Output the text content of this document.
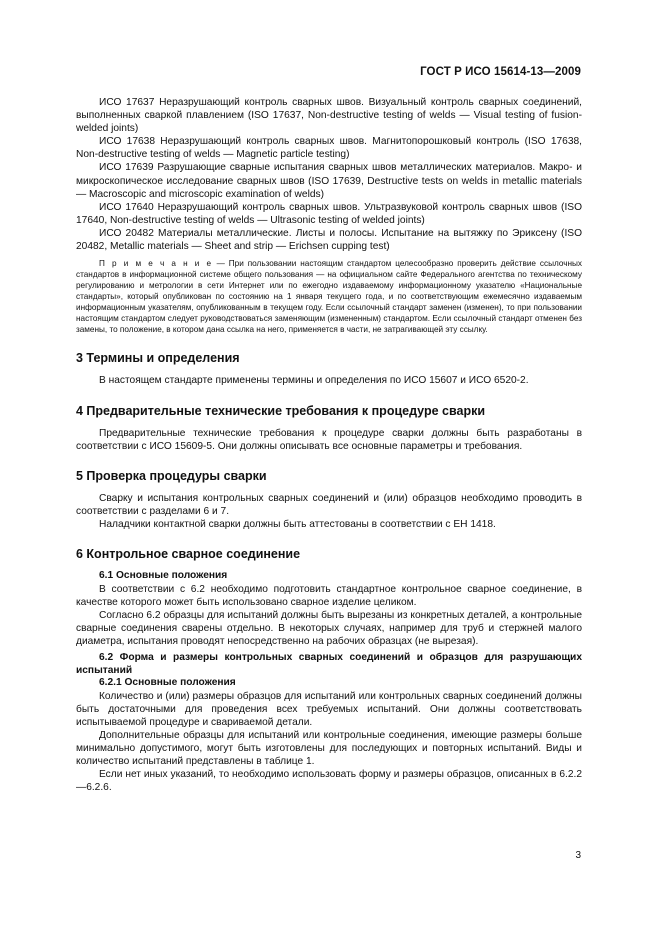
ГОСТ Р ИСО 15614-13—2009

ИСО 17637 Неразрушающий контроль сварных швов. Визуальный контроль сварных соединений, выполненных сваркой плавлением (ISO 17637, Non-destructive testing of welds — Visual testing of fusion-welded joints)

ИСО 17638 Неразрушающий контроль сварных швов. Магнитопорошковый контроль (ISO 17638, Non-destructive testing of welds — Magnetic particle testing)

ИСО 17639 Разрушающие сварные испытания сварных швов металлических материалов. Макро- и микроскопическое исследование сварных швов (ISO 17639, Destructive tests on welds in metallic materials — Macroscopic and microscopic examination of welds)

ИСО 17640 Неразрушающий контроль сварных швов. Ультразвуковой контроль сварных швов (ISO 17640, Non-destructive testing of welds — Ultrasonic testing of welded joints)

ИСО 20482 Материалы металлические. Листы и полосы. Испытание на вытяжку по Эриксену (ISO 20482, Metallic materials — Sheet and strip — Erichsen cupping test)

П р и м е ч а н и е — При пользовании настоящим стандартом целесообразно проверить действие ссылочных стандартов в информационной системе общего пользования — на официальном сайте Федерального агентства по техническому регулированию и метрологии в сети Интернет или по ежегодно издаваемому информационному указателю «Национальные стандарты», который опубликован по состоянию на 1 января текущего года, и по соответствующим ежемесячно издаваемым информационным указателям, опубликованным в текущем году. Если ссылочный стандарт заменен (изменен), то при пользовании настоящим стандартом следует руководствоваться заменяющим (измененным) стандартом. Если ссылочный стандарт отменен без замены, то положение, в котором дана ссылка на него, применяется в части, не затрагивающей эту ссылку.

3 Термины и определения

В настоящем стандарте применены термины и определения по ИСО 15607 и ИСО 6520-2.

4 Предварительные технические требования к процедуре сварки

Предварительные технические требования к процедуре сварки должны быть разработаны в соответствии с ИСО 15609-5. Они должны описывать все основные параметры и требования.

5 Проверка процедуры сварки

Сварку и испытания контрольных сварных соединений и (или) образцов необходимо проводить в соответствии с разделами 6 и 7.

Наладчики контактной сварки должны быть аттестованы в соответствии с ЕН 1418.

6 Контрольное сварное соединение
6.1 Основные положения

В соответствии с 6.2 необходимо подготовить стандартное контрольное сварное соединение, в качестве которого может быть использовано сварное изделие целиком.

Согласно 6.2 образцы для испытаний должны быть вырезаны из конкретных деталей, а контрольные сварные соединения сварены отдельно. В некоторых случаях, например для труб и стержней малого диаметра, испытания проводят непосредственно на рабочих образцах (не вырезая).

6.2 Форма и размеры контрольных сварных соединений и образцов для разрушающих испытаний
6.2.1 Основные положения

Количество и (или) размеры образцов для испытаний или контрольных сварных соединений должны быть достаточными для проведения всех требуемых испытаний. Они должны соответствовать испытываемой процедуре и свариваемой детали.

Дополнительные образцы для испытаний или контрольные соединения, имеющие размеры больше минимально допустимого, могут быть изготовлены для последующих и повторных испытаний. Виды и количество испытаний представлены в таблице 1.

Если нет иных указаний, то необходимо использовать форму и размеры образцов, описанных в 6.2.2—6.2.6.

3
